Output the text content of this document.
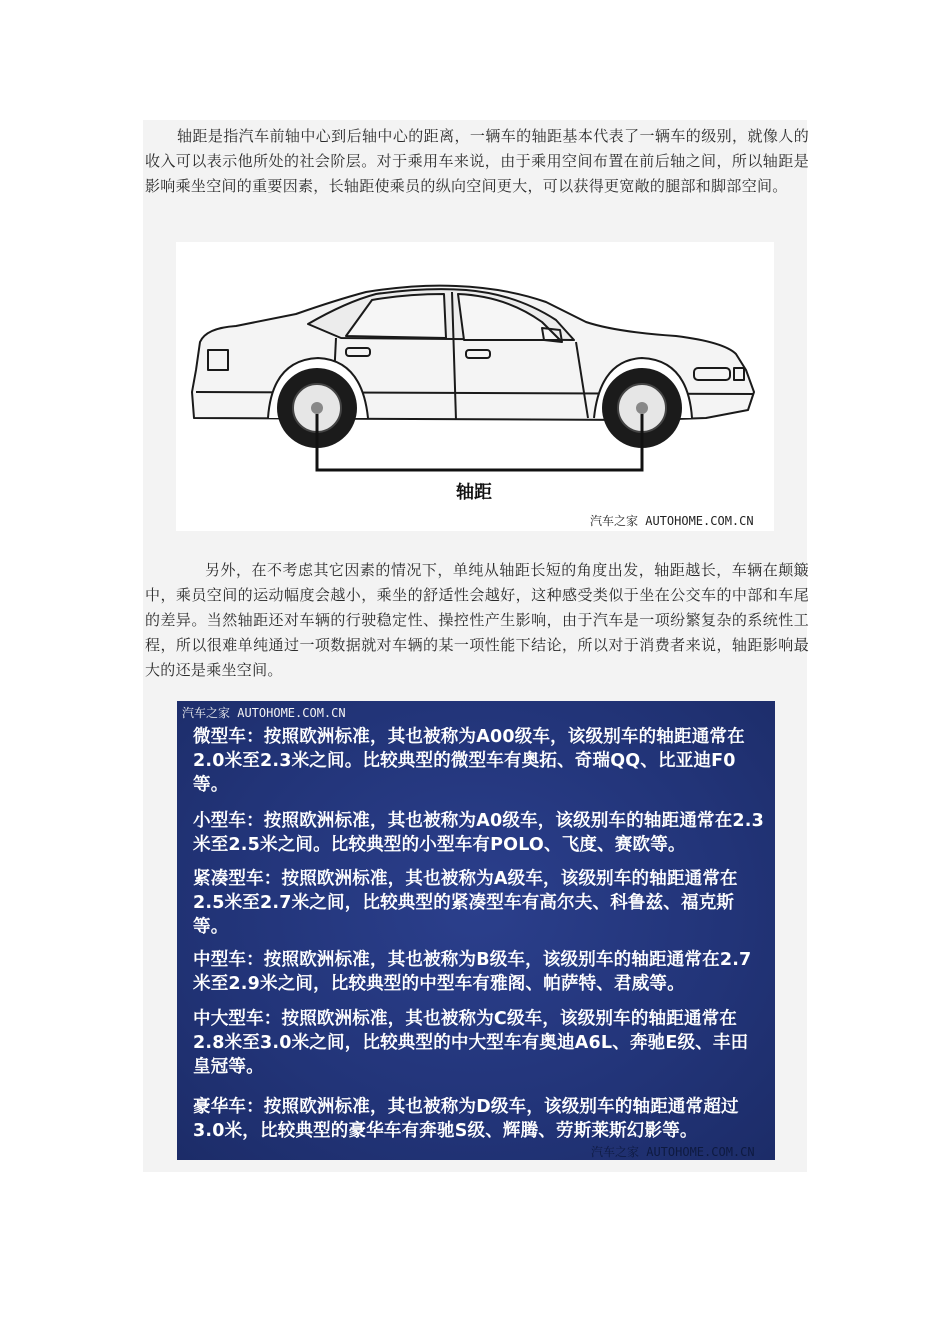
轴距是指汽车前轴中心到后轴中心的距离，一辆车的轴距基本代表了一辆车的级别，就像人的收入可以表示他所处的社会阶层。对于乘用车来说，由于乘用空间布置在前后轴之间，所以轴距是影响乘坐空间的重要因素，长轴距使乘员的纵向空间更大，可以获得更宽敞的腿部和脚部空间。

轴距
汽车之家 AUTOHOME.COM.CN

另外，在不考虑其它因素的情况下，单纯从轴距长短的角度出发，轴距越长，车辆在颠簸中，乘员空间的运动幅度会越小，乘坐的舒适性会越好，这种感受类似于坐在公交车的中部和车尾的差异。当然轴距还对车辆的行驶稳定性、操控性产生影响，由于汽车是一项纷繁复杂的系统性工程，所以很难单纯通过一项数据就对车辆的某一项性能下结论，所以对于消费者来说，轴距影响最大的还是乘坐空间。

汽车之家 AUTOHOME.COM.CN

微型车：按照欧洲标准，其也被称为A00级车，该级别车的轴距通常在2.0米至2.3米之间。比较典型的微型车有奥拓、奇瑞QQ、比亚迪F0等。

小型车：按照欧洲标准，其也被称为A0级车，该级别车的轴距通常在2.3米至2.5米之间。比较典型的小型车有POLO、飞度、赛欧等。

紧凑型车：按照欧洲标准，其也被称为A级车，该级别车的轴距通常在2.5米至2.7米之间，比较典型的紧凑型车有高尔夫、科鲁兹、福克斯等。

中型车：按照欧洲标准，其也被称为B级车，该级别车的轴距通常在2.7米至2.9米之间，比较典型的中型车有雅阁、帕萨特、君威等。

中大型车：按照欧洲标准，其也被称为C级车，该级别车的轴距通常在2.8米至3.0米之间，比较典型的中大型车有奥迪A6L、奔驰E级、丰田皇冠等。

豪华车：按照欧洲标准，其也被称为D级车，该级别车的轴距通常超过3.0米，比较典型的豪华车有奔驰S级、辉腾、劳斯莱斯幻影等。

汽车之家 AUTOHOME.COM.CN
